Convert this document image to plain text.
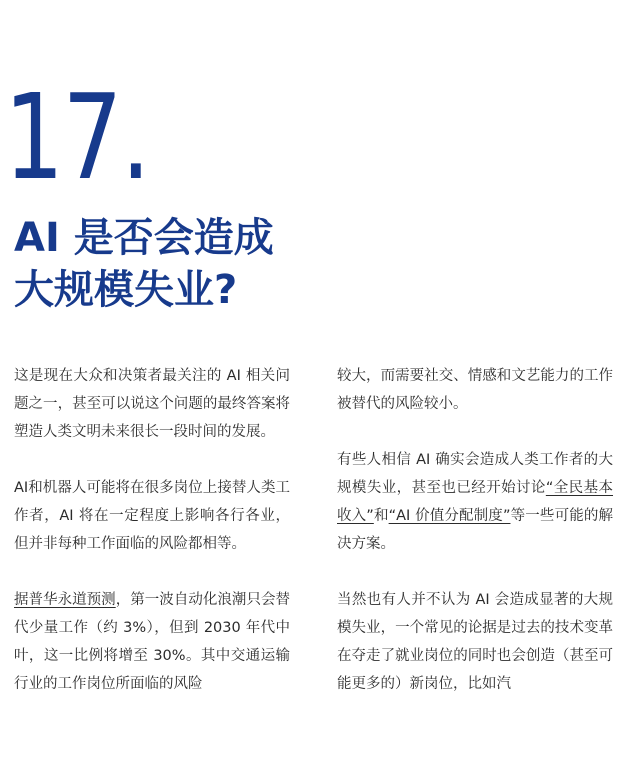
17.
AI 是否会造成
大规模失业?

这是现在大众和决策者最关注的 AI 相关问题之一，甚至可以说这个问题的最终答案将塑造人类文明未来很长一段时间的发展。

AI和机器人可能将在很多岗位上接替人类工作者，AI 将在一定程度上影响各行各业，但并非每种工作面临的风险都相等。

据普华永道预测，第一波自动化浪潮只会替代少量工作（约 3%），但到 2030 年代中叶，这一比例将增至 30%。其中交通运输行业的工作岗位所面临的风险

较大，而需要社交、情感和文艺能力的工作被替代的风险较小。

有些人相信 AI 确实会造成人类工作者的大规模失业，甚至也已经开始讨论“全民基本收入”和“AI 价值分配制度”等一些可能的解决方案。

当然也有人并不认为 AI 会造成显著的大规模失业，一个常见的论据是过去的技术变革在夺走了就业岗位的同时也会创造（甚至可能更多的）新岗位，比如汽
